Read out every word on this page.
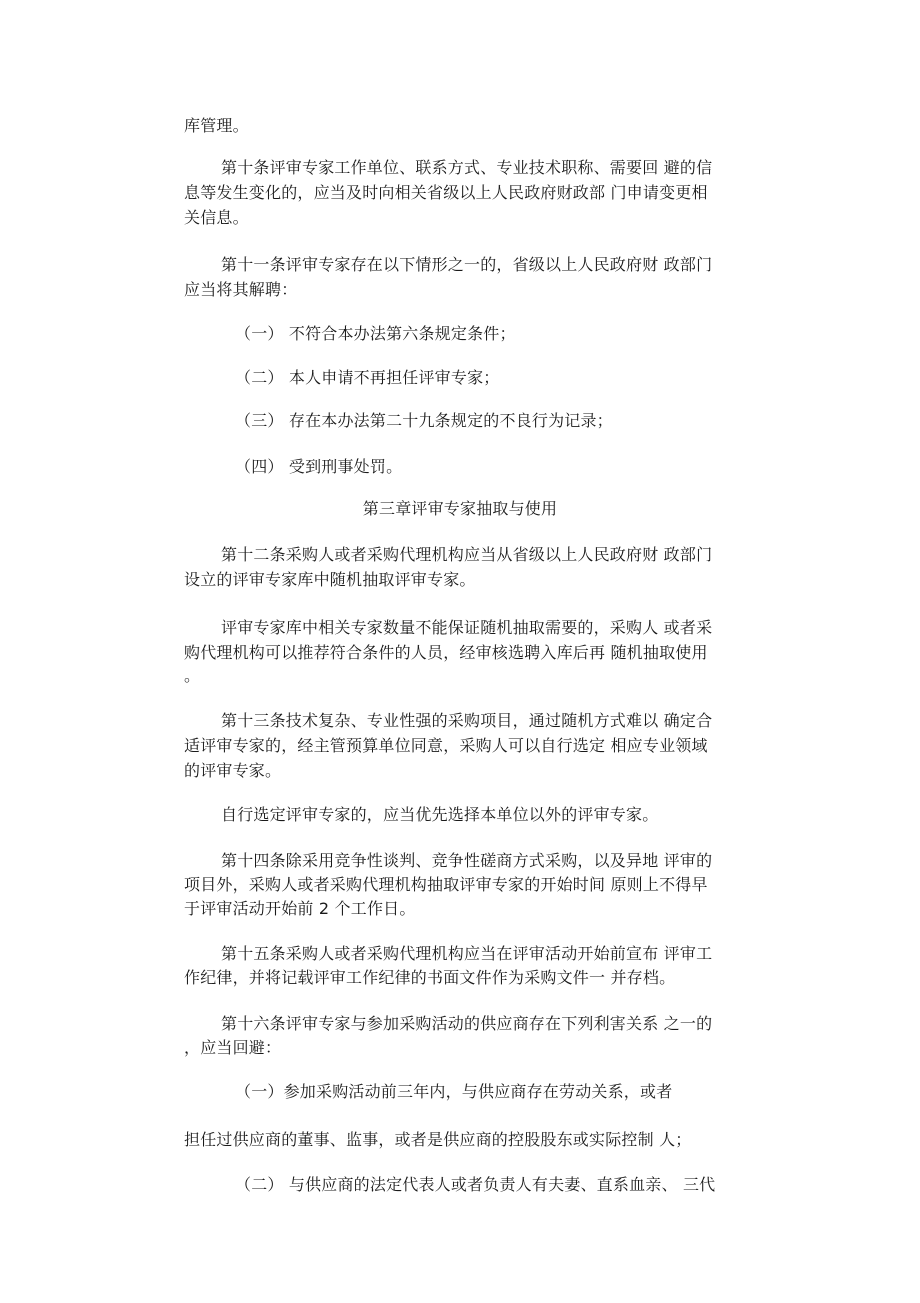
库管理。
第十条评审专家工作单位、联系方式、专业技术职称、需要回 避的信
息等发生变化的，应当及时向相关省级以上人民政府财政部 门申请变更相
关信息。
第十一条评审专家存在以下情形之一的，省级以上人民政府财 政部门
应当将其解聘：
（一） 不符合本办法第六条规定条件；
（二） 本人申请不再担任评审专家；
（三） 存在本办法第二十九条规定的不良行为记录；
（四） 受到刑事处罚。
第三章评审专家抽取与使用
第十二条采购人或者采购代理机构应当从省级以上人民政府财 政部门
设立的评审专家库中随机抽取评审专家。
评审专家库中相关专家数量不能保证随机抽取需要的，采购人 或者采
购代理机构可以推荐符合条件的人员，经审核选聘入库后再 随机抽取使用
。
第十三条技术复杂、专业性强的采购项目，通过随机方式难以 确定合
适评审专家的，经主管预算单位同意，采购人可以自行选定 相应专业领域
的评审专家。
自行选定评审专家的，应当优先选择本单位以外的评审专家。
第十四条除采用竞争性谈判、竞争性磋商方式采购，以及异地 评审的
项目外，采购人或者采购代理机构抽取评审专家的开始时间 原则上不得早
于评审活动开始前 2 个工作日。
第十五条采购人或者采购代理机构应当在评审活动开始前宣布 评审工
作纪律，并将记载评审工作纪律的书面文件作为采购文件一 并存档。
第十六条评审专家与参加采购活动的供应商存在下列利害关系 之一的
，应当回避：
（一）参加采购活动前三年内，与供应商存在劳动关系，或者
担任过供应商的董事、监事，或者是供应商的控股股东或实际控制 人；
（二） 与供应商的法定代表人或者负责人有夫妻、直系血亲、 三代
